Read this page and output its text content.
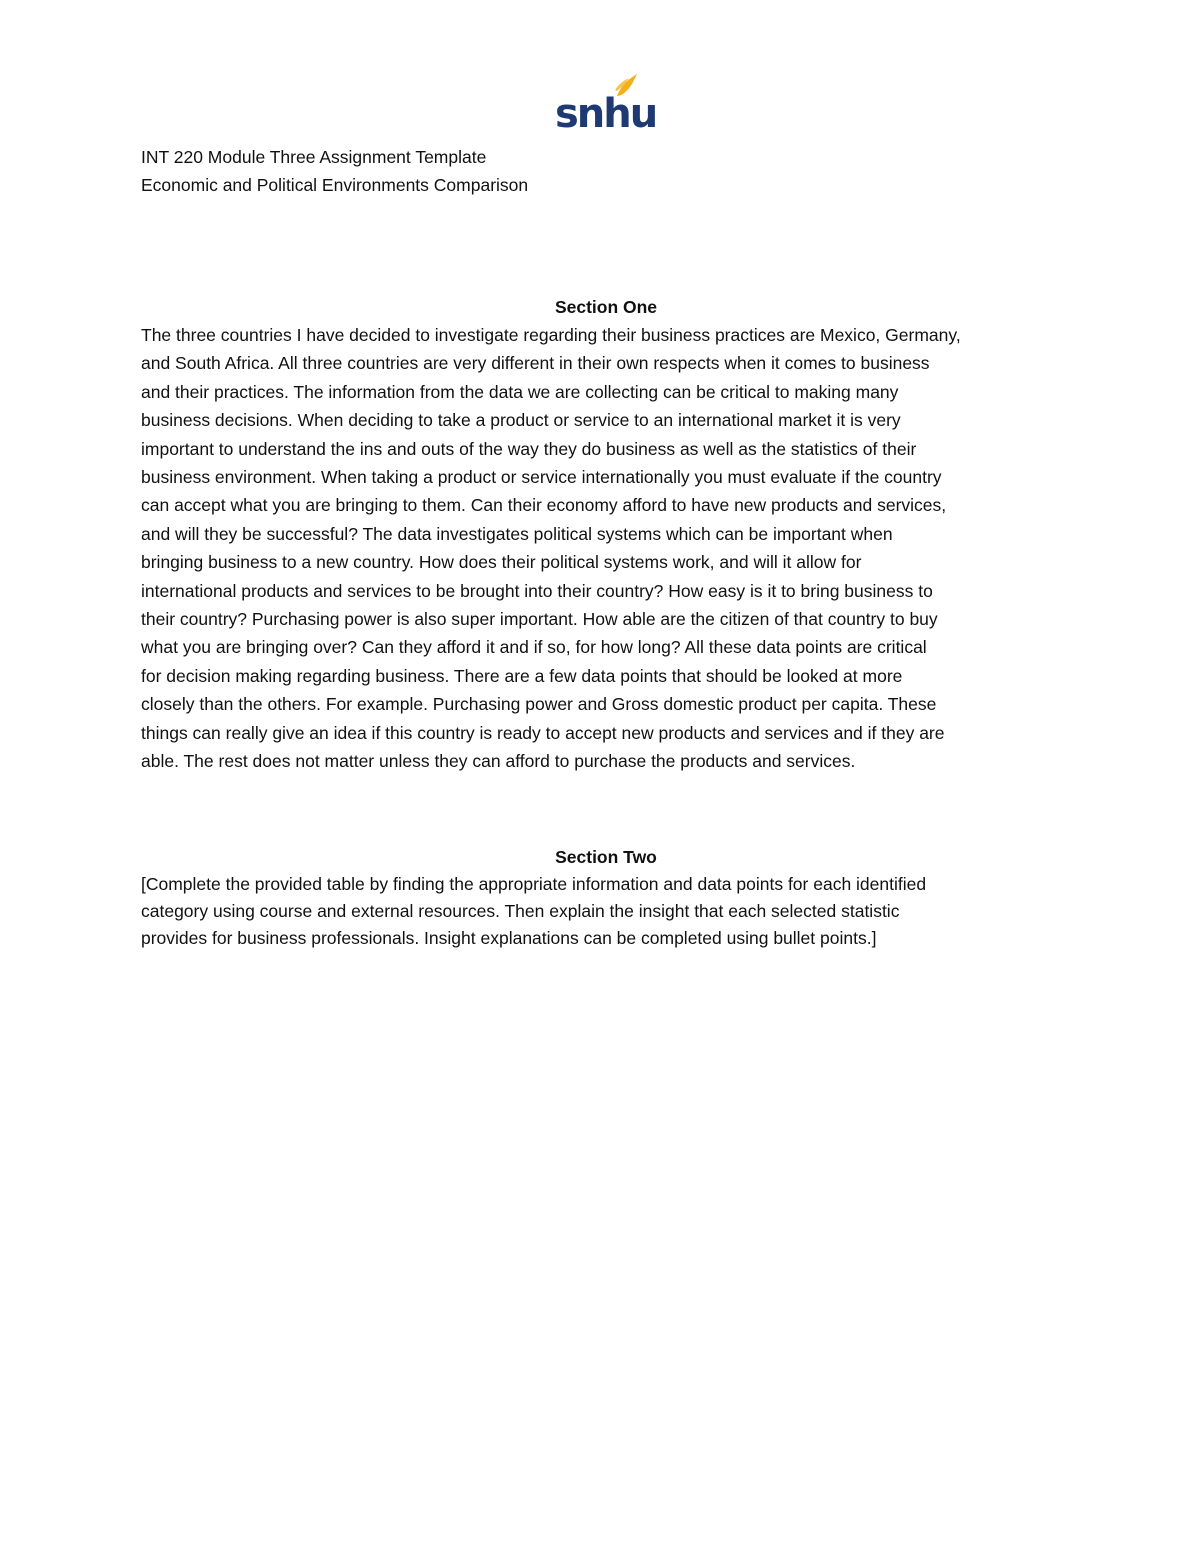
snhu
INT 220 Module Three Assignment Template
Economic and Political Environments Comparison

Section One

The three countries I have decided to investigate regarding their business practices are Mexico, Germany,
and South Africa. All three countries are very different in their own respects when it comes to business
and their practices. The information from the data we are collecting can be critical to making many
business decisions. When deciding to take a product or service to an international market it is very
important to understand the ins and outs of the way they do business as well as the statistics of their
business environment. When taking a product or service internationally you must evaluate if the country
can accept what you are bringing to them. Can their economy afford to have new products and services,
and will they be successful? The data investigates political systems which can be important when
bringing business to a new country. How does their political systems work, and will it allow for
international products and services to be brought into their country? How easy is it to bring business to
their country? Purchasing power is also super important. How able are the citizen of that country to buy
what you are bringing over? Can they afford it and if so, for how long? All these data points are critical
for decision making regarding business. There are a few data points that should be looked at more
closely than the others. For example. Purchasing power and Gross domestic product per capita. These
things can really give an idea if this country is ready to accept new products and services and if they are
able. The rest does not matter unless they can afford to purchase the products and services.

Section Two

[Complete the provided table by finding the appropriate information and data points for each identified
category using course and external resources. Then explain the insight that each selected statistic
provides for business professionals. Insight explanations can be completed using bullet points.]
